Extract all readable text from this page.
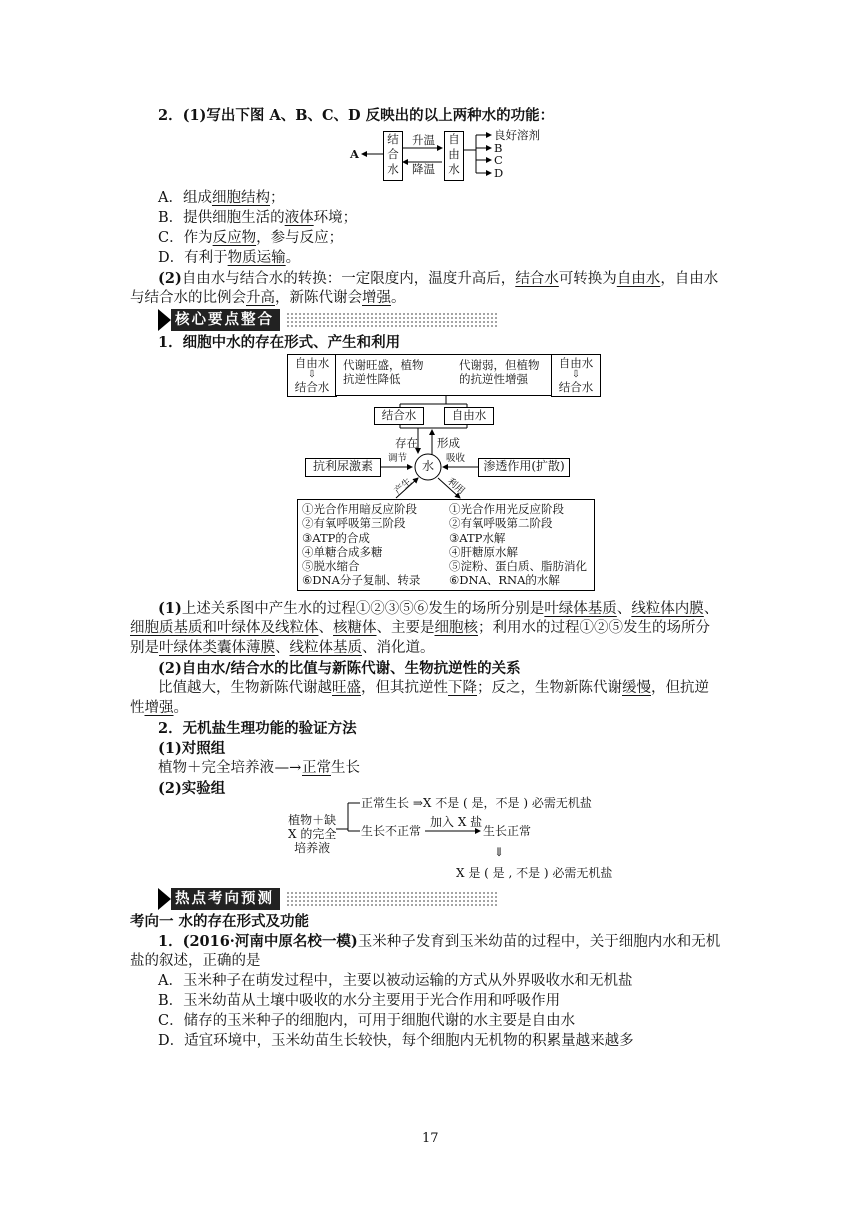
2．(1)写出下图 A、B、C、D 反映出的以上两种水的功能：
A
结合水
自由水
升温
降温
良好溶剂
B
C
D
A．组成细胞结构；
B．提供细胞生活的液体环境；
C．作为反应物，参与反应；
D．有利于物质运输。
(2)自由水与结合水的转换：一定限度内，温度升高后，结合水可转换为自由水，自由水
与结合水的比例会升高，新陈代谢会增强。
核心要点整合
1．细胞中水的存在形式、产生和利用
自由水
⇩
结合水
代谢旺盛，植物
抗逆性降低
代谢弱，但植物
的抗逆性增强
自由水
⇩
结合水
结合水	自由水
存在 形成
抗利尿激素
调节
水
吸收
渗透作用(扩散)
产生	利用
①光合作用暗反应阶段
②有氧呼吸第三阶段
③ATP的合成
④单糖合成多糖
⑤脱水缩合
⑥DNA分子复制、转录
①光合作用光反应阶段
②有氧呼吸第二阶段
③ATP水解
④肝糖原水解
⑤淀粉、蛋白质、脂肪消化
⑥DNA、RNA的水解
(1)上述关系图中产生水的过程①②③⑤⑥发生的场所分别是叶绿体基质、线粒体内膜、
细胞质基质和叶绿体及线粒体、核糖体、主要是细胞核；利用水的过程①②⑤发生的场所分
别是叶绿体类囊体薄膜、线粒体基质、消化道。
(2)自由水/结合水的比值与新陈代谢、生物抗逆性的关系
比值越大，生物新陈代谢越旺盛，但其抗逆性下降；反之，生物新陈代谢缓慢，但抗逆
性增强。
2．无机盐生理功能的验证方法
(1)对照组
植物＋完全培养液—→正常生长
(2)实验组
植物＋缺
X 的完全
培养液
正常生长 ⇒X 不是 ( 是，不是 ) 必需无机盐
生长不正常
加入 X 盐
生长正常
⇓
X 是 ( 是 , 不是 ) 必需无机盐
热点考向预测
考向一 水的存在形式及功能
1．(2016·河南中原名校一模)玉米种子发育到玉米幼苗的过程中，关于细胞内水和无机
盐的叙述，正确的是
A．玉米种子在萌发过程中，主要以被动运输的方式从外界吸收水和无机盐
B．玉米幼苗从土壤中吸收的水分主要用于光合作用和呼吸作用
C．储存的玉米种子的细胞内，可用于细胞代谢的水主要是自由水
D．适宜环境中，玉米幼苗生长较快，每个细胞内无机物的积累量越来越多
17
